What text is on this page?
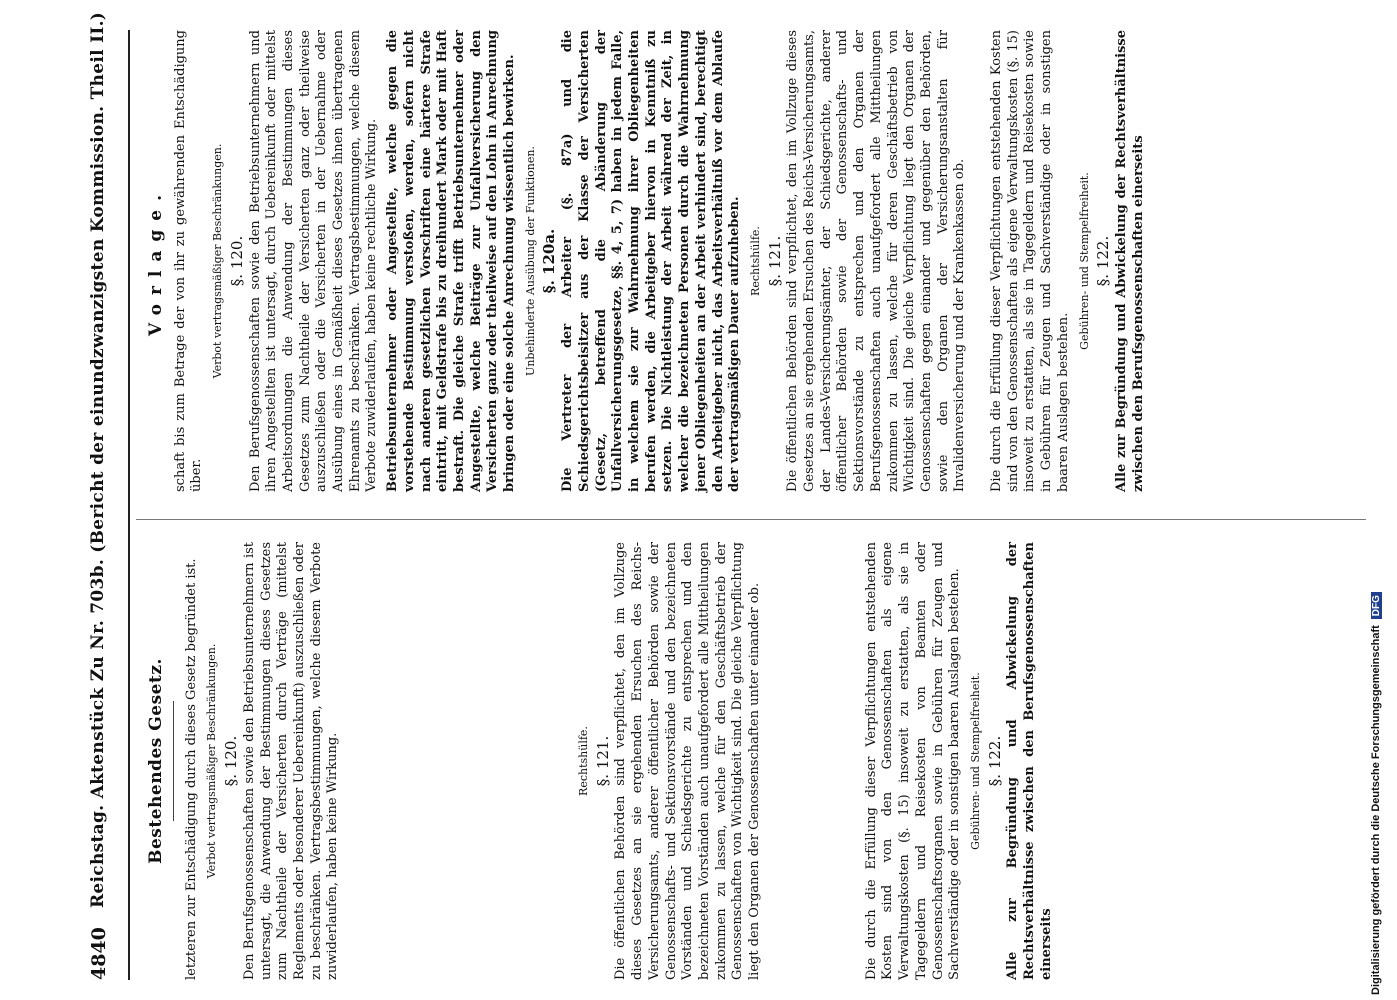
4840
Reichstag. Aktenstück Zu Nr. 703b. (Bericht der einundzwanzigsten Kommission. Theil II.) Bestehendes Gesetz. letzteren zur Entschädigung durch dieses Gesetz begründet ist. Verbot vertragsmäßiger Beschränkungen. §. 120. Den Berufsgenossenschaften sowie den Betriebsunternehmern ist untersagt, die Anwendung der Bestimmungen dieses Gesetzes zum Nachtheile der Versicherten durch Verträge (mittelst Reglements oder besonderer Uebereinkunft) auszuschließen oder zu beschränken. Vertragsbestimmungen, welche diesem Verbote zuwiderlaufen, haben keine Wirkung.	Rechtshülfe. §. 121. Die öffentlichen Behörden sind verpflichtet, den im Vollzuge dieses Gesetzes an sie ergehenden Ersuchen des Reichs-Versicherungsamts, anderer öffentlicher Behörden sowie der Genossenschafts- und Sektionsvorstände und den bezeichneten Vorständen und Schiedsgerichte zu entsprechen und den bezeichneten Vorständen auch unaufgefordert alle Mittheilungen zukommen zu lassen, welche für den Geschäftsbetrieb der Genossenschaften von Wichtigkeit sind. Die gleiche Verpflichtung liegt den Organen der Genossenschaften unter einander ob.	Die durch die Erfüllung dieser Verpflichtungen entstehenden Kosten sind von den Genossenschaften als eigene Verwaltungskosten (§. 15) insoweit zu erstatten, als sie in Tagegeldern und Reisekosten von Beamten oder Genossenschaftsorganen sowie in Gebühren für Zeugen und Sachverständige oder in sonstigen baaren Auslagen bestehen. Gebühren- und Stempelfreiheit. §. 122. Alle zur Begründung und Abwickelung der Rechtsverhältnisse zwischen den Berufsgenossenschaften einerseits

Vorlage. schaft bis zum Betrage der von ihr zu gewährenden Entschädigung über.

Verbot vertragsmäßiger Beschränkungen. §. 120. Den Berufsgenossenschaften sowie den Betriebsunternehmern und ihren Angestellten ist untersagt, durch Uebereinkunft oder mittelst Arbeitsordnungen die Anwendung der Bestimmungen dieses Gesetzes zum Nachtheile der Versicherten ganz oder theilweise auszuschließen oder die Versicherten in der Uebernahme oder Ausübung eines in Gemäßheit dieses Gesetzes ihnen übertragenen Ehrenamts zu beschränken. Vertragsbestimmungen, welche diesem Verbote zuwiderlaufen, haben keine rechtliche Wirkung. Betriebsunternehmer oder Angestellte, welche gegen die vorstehende Bestimmung verstoßen, werden, sofern nicht nach anderen gesetzlichen Vorschriften eine härtere Strafe eintritt, mit Geldstrafe bis zu dreihundert Mark oder mit Haft bestraft. Die gleiche Strafe trifft Betriebsunternehmer oder Angestellte, welche Beiträge zur Unfallversicherung den Versicherten ganz oder theilweise auf den Lohn in Anrechnung bringen oder eine solche Anrechnung wissentlich bewirken. Unbehinderte Ausübung der Funktionen. §. 120a. Die Vertreter der Arbeiter (§. 87a) und die Schiedsgerichtsbeisitzer aus der Klasse der Versicherten (Gesetz, betreffend die Abänderung der Unfallversicherungsgesetze, §§. 4, 5, 7) haben in jedem Falle, in welchem sie zur Wahrnehmung ihrer Obliegenheiten berufen werden, die Arbeitgeber hiervon in Kenntniß zu setzen. Die Nichtleistung der Arbeit während der Zeit, in welcher die bezeichneten Personen durch die Wahrnehmung jener Obliegenheiten an der Arbeit verhindert sind, berechtigt den Arbeitgeber nicht, das Arbeitsverhältniß vor dem Ablaufe der vertragsmäßigen Dauer aufzuheben. Rechtshülfe. §. 121. Die öffentlichen Behörden sind verpflichtet, den im Vollzuge dieses Gesetzes an sie ergehenden Ersuchen des Reichs-Versicherungsamts, der Landes-Versicherungsämter, der Schiedsgerichte, anderer öffentlicher Behörden sowie der Genossenschafts- und Sektionsvorstände zu entsprechen und den Organen der Berufsgenossenschaften auch unaufgefordert alle Mittheilungen zukommen zu lassen, welche für deren Geschäftsbetrieb von Wichtigkeit sind. Die gleiche Verpflichtung liegt den Organen der Genossenschaften gegen einander und gegenüber den Behörden, sowie den Organen der Versicherungsanstalten für Invalidenversicherung und der Krankenkassen ob. Die durch die Erfüllung dieser Verpflichtungen entstehenden Kosten sind von den Genossenschaften als eigene Verwaltungskosten (§. 15) insoweit zu erstatten, als sie in Tagegeldern und Reisekosten sowie in Gebühren für Zeugen und Sachverständige oder in sonstigen baaren Auslagen bestehen.

Gebühren- und Stempelfreiheit. §. 122. Alle zur Begründung und Abwickelung der Rechtsverhältnisse zwischen den Berufsgenossenschaften einerseits

Digitalisierung gefördert durch die Deutsche ForschungsgemeinschaftDFG
